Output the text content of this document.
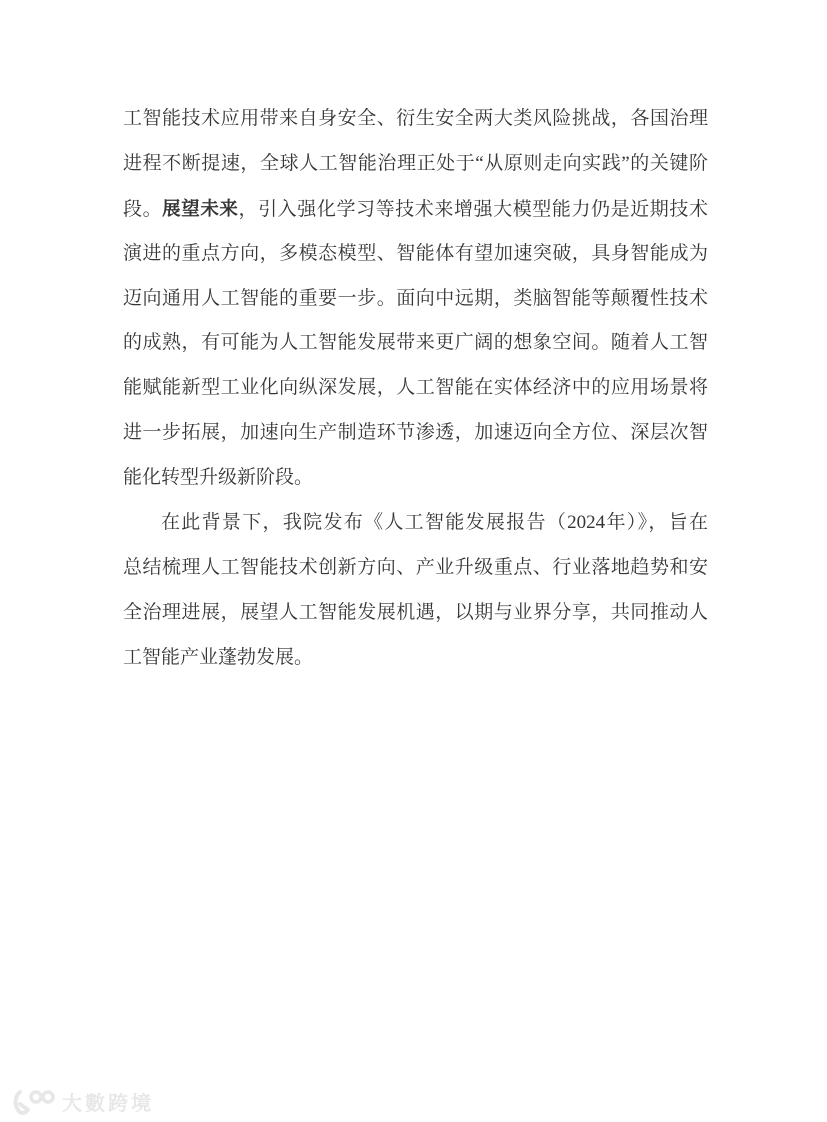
工智能技术应用带来自身安全、衍生安全两大类风险挑战，各国治理
进程不断提速，全球人工智能治理正处于“从原则走向实践”的关键阶
段。展望未来，引入强化学习等技术来增强大模型能力仍是近期技术
演进的重点方向，多模态模型、智能体有望加速突破，具身智能成为
迈向通用人工智能的重要一步。面向中远期，类脑智能等颠覆性技术
的成熟，有可能为人工智能发展带来更广阔的想象空间。随着人工智
能赋能新型工业化向纵深发展，人工智能在实体经济中的应用场景将
进一步拓展，加速向生产制造环节渗透，加速迈向全方位、深层次智
能化转型升级新阶段。
在此背景下，我院发布《人工智能发展报告（2024年）》，旨在
总结梳理人工智能技术创新方向、产业升级重点、行业落地趋势和安
全治理进展，展望人工智能发展机遇，以期与业界分享，共同推动人
工智能产业蓬勃发展。
大數跨境
